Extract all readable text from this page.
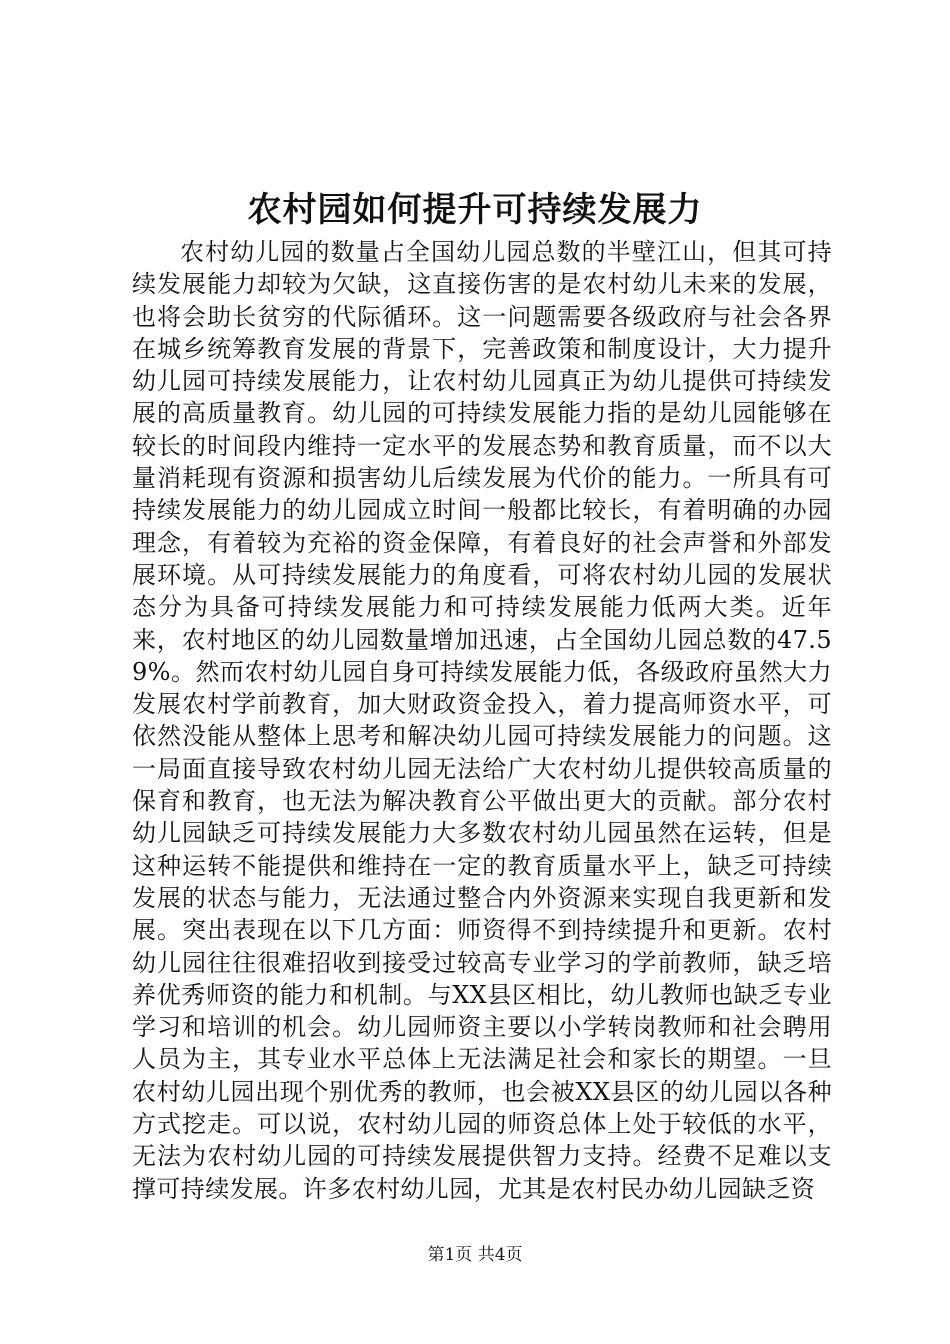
农村园如何提升可持续发展力

农村幼儿园的数量占全国幼儿园总数的半壁江山，但其可持续发展能力却较为欠缺，这直接伤害的是农村幼儿未来的发展，也将会助长贫穷的代际循环。这一问题需要各级政府与社会各界在城乡统筹教育发展的背景下，完善政策和制度设计，大力提升幼儿园可持续发展能力，让农村幼儿园真正为幼儿提供可持续发展的高质量教育。幼儿园的可持续发展能力指的是幼儿园能够在较长的时间段内维持一定水平的发展态势和教育质量，而不以大量消耗现有资源和损害幼儿后续发展为代价的能力。一所具有可持续发展能力的幼儿园成立时间一般都比较长，有着明确的办园理念，有着较为充裕的资金保障，有着良好的社会声誉和外部发展环境。从可持续发展能力的角度看，可将农村幼儿园的发展状态分为具备可持续发展能力和可持续发展能力低两大类。近年来，农村地区的幼儿园数量增加迅速，占全国幼儿园总数的47.59%。然而农村幼儿园自身可持续发展能力低，各级政府虽然大力发展农村学前教育，加大财政资金投入，着力提高师资水平，可依然没能从整体上思考和解决幼儿园可持续发展能力的问题。这一局面直接导致农村幼儿园无法给广大农村幼儿提供较高质量的保育和教育，也无法为解决教育公平做出更大的贡献。部分农村幼儿园缺乏可持续发展能力大多数农村幼儿园虽然在运转，但是这种运转不能提供和维持在一定的教育质量水平上，缺乏可持续发展的状态与能力，无法通过整合内外资源来实现自我更新和发展。突出表现在以下几方面：师资得不到持续提升和更新。农村幼儿园往往很难招收到接受过较高专业学习的学前教师，缺乏培养优秀师资的能力和机制。与XX县区相比，幼儿教师也缺乏专业学习和培训的机会。幼儿园师资主要以小学转岗教师和社会聘用人员为主，其专业水平总体上无法满足社会和家长的期望。一旦农村幼儿园出现个别优秀的教师，也会被XX县区的幼儿园以各种方式挖走。可以说，农村幼儿园的师资总体上处于较低的水平，无法为农村幼儿园的可持续发展提供智力支持。经费不足难以支撑可持续发展。许多农村幼儿园，尤其是农村民办幼儿园缺乏资

第1页 共4页
